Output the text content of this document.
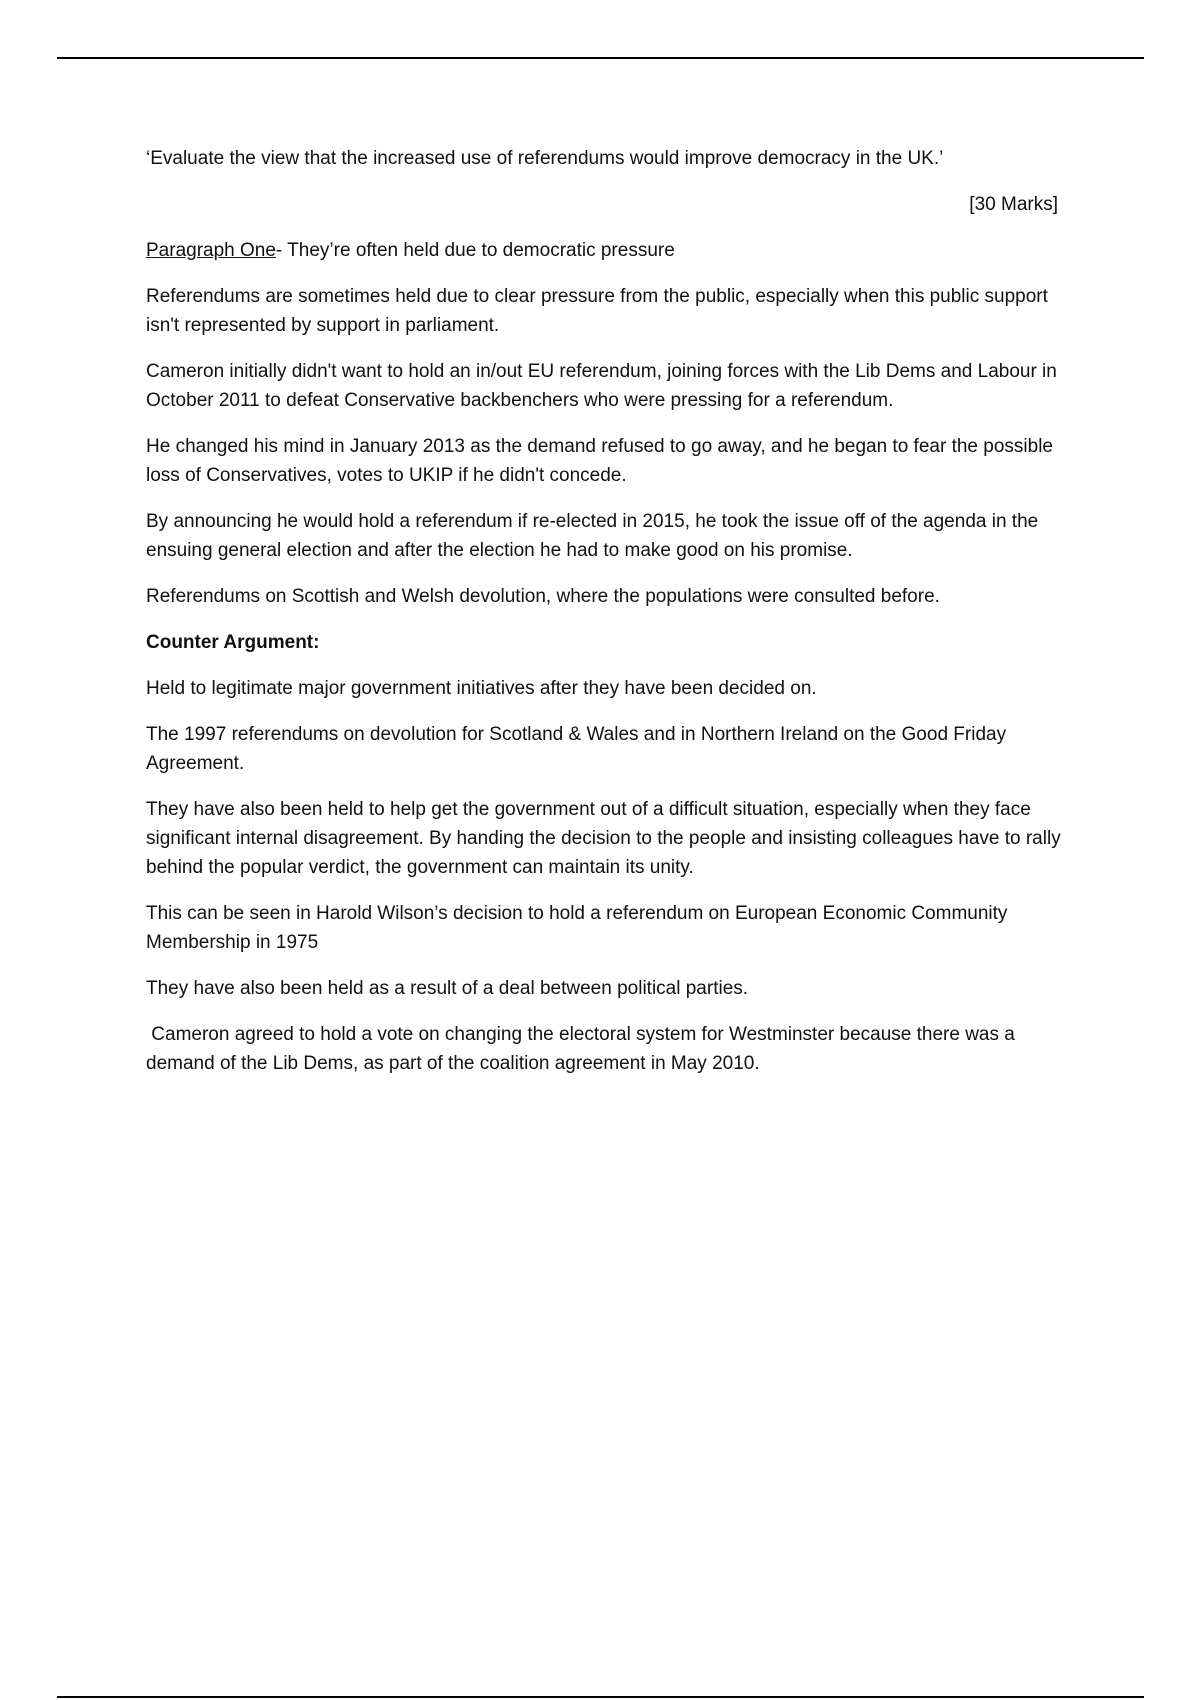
‘Evaluate the view that the increased use of referendums would improve democracy in the UK.’

[30 Marks]

Paragraph One- They’re often held due to democratic pressure

Referendums are sometimes held due to clear pressure from the public, especially when this public support isn't represented by support in parliament.

Cameron initially didn't want to hold an in/out EU referendum, joining forces with the Lib Dems and Labour in October 2011 to defeat Conservative backbenchers who were pressing for a referendum.

He changed his mind in January 2013 as the demand refused to go away, and he began to fear the possible loss of Conservatives, votes to UKIP if he didn't concede.

By announcing he would hold a referendum if re-elected in 2015, he took the issue off of the agenda in the ensuing general election and after the election he had to make good on his promise.

Referendums on Scottish and Welsh devolution, where the populations were consulted before.

Counter Argument:

Held to legitimate major government initiatives after they have been decided on.

The 1997 referendums on devolution for Scotland & Wales and in Northern Ireland on the Good Friday Agreement.

They have also been held to help get the government out of a difficult situation, especially when they face significant internal disagreement. By handing the decision to the people and insisting colleagues have to rally behind the popular verdict, the government can maintain its unity.

This can be seen in Harold Wilson’s decision to hold a referendum on European Economic Community Membership in 1975

They have also been held as a result of a deal between political parties.

Cameron agreed to hold a vote on changing the electoral system for Westminster because there was a demand of the Lib Dems, as part of the coalition agreement in May 2010.
